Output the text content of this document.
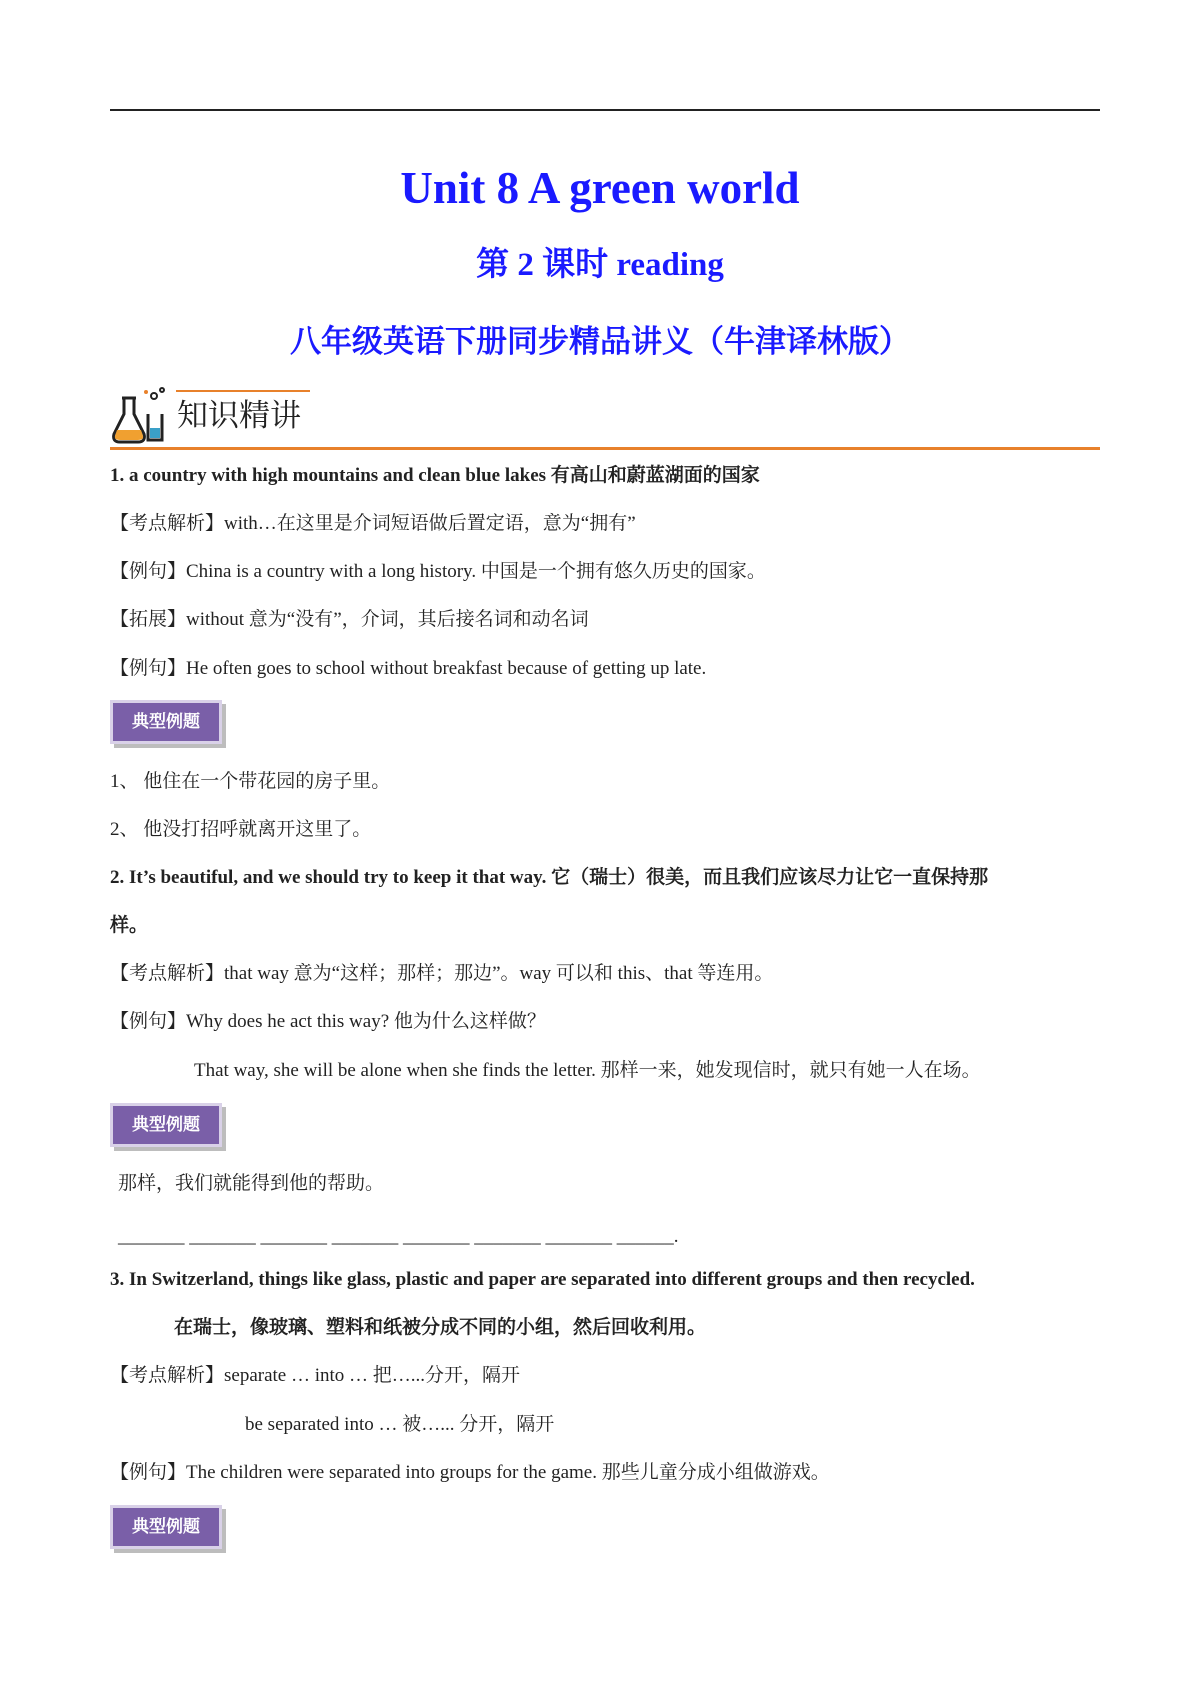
Unit 8 A green world
第 2 课时 reading
八年级英语下册同步精品讲义（牛津译林版）
知识精讲
1. a country with high mountains and clean blue lakes 有高山和蔚蓝湖面的国家
【考点解析】with…在这里是介词短语做后置定语，意为“拥有”
【例句】China is a country with a long history. 中国是一个拥有悠久历史的国家。
【拓展】without 意为“没有”，介词，其后接名词和动名词
【例句】He often goes to school without breakfast because of getting up late.
典型例题
1、 他住在一个带花园的房子里。
2、 他没打招呼就离开这里了。
2. It’s beautiful, and we should try to keep it that way. 它（瑞士）很美，而且我们应该尽力让它一直保持那
样。
【考点解析】that way 意为“这样；那样；那边”。way 可以和 this、that 等连用。
【例句】Why does he act this way? 他为什么这样做？
That way, she will be alone when she finds the letter. 那样一来，她发现信时，就只有她一人在场。
典型例题
那样，我们就能得到他的帮助。
_______ _______ _______ _______ _______ _______ _______ ______.
3. In Switzerland, things like glass, plastic and paper are separated into different groups and then recycled.
在瑞士，像玻璃、塑料和纸被分成不同的小组，然后回收利用。
【考点解析】separate … into … 把…...分开，隔开
be separated into … 被…... 分开，隔开
【例句】The children were separated into groups for the game. 那些儿童分成小组做游戏。
典型例题
